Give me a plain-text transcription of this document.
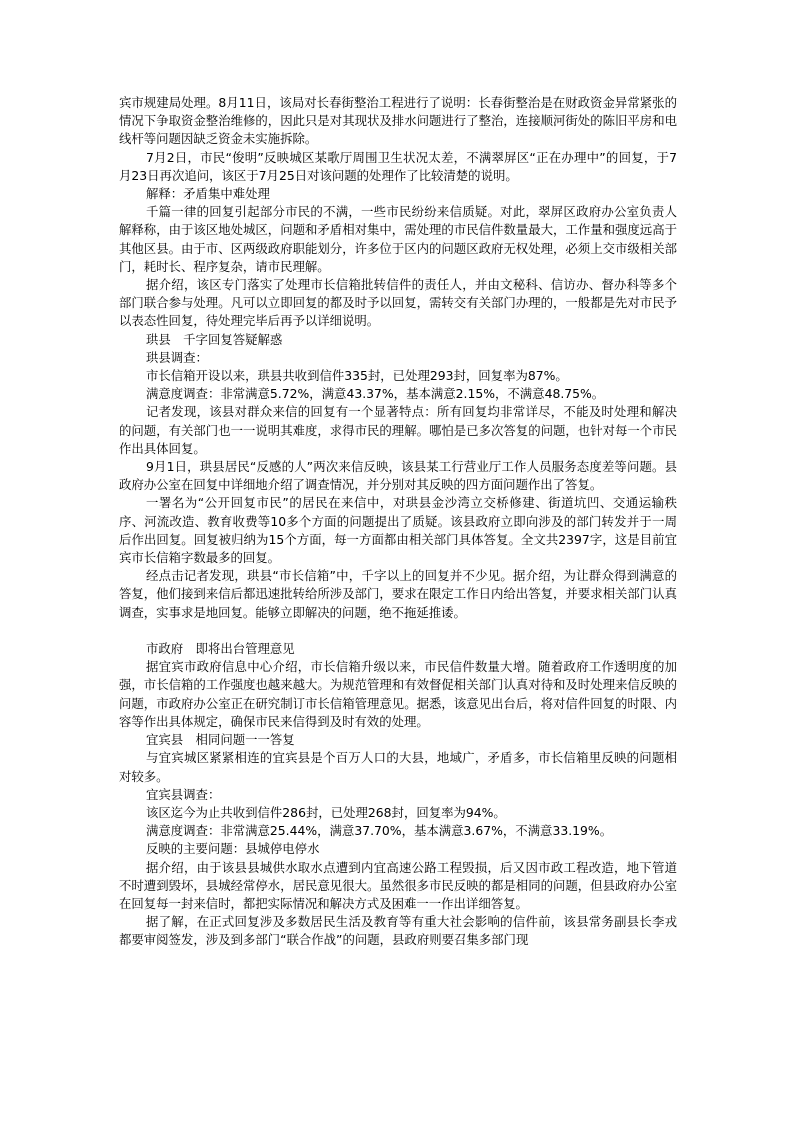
宾市规建局处理。8月11日，该局对长春街整治工程进行了说明：长春街整治是在财政资金异常紧张的情况下争取资金整治维修的，因此只是对其现状及排水问题进行了整治，连接顺河街处的陈旧平房和电线杆等问题因缺乏资金未实施拆除。

7月2日，市民“俊明”反映城区某歌厅周围卫生状况太差，不满翠屏区“正在办理中”的回复，于7月23日再次追问，该区于7月25日对该问题的处理作了比较清楚的说明。

解释：矛盾集中难处理

千篇一律的回复引起部分市民的不满，一些市民纷纷来信质疑。对此，翠屏区政府办公室负责人解释称，由于该区地处城区，问题和矛盾相对集中，需处理的市民信件数量最大，工作量和强度远高于其他区县。由于市、区两级政府职能划分，许多位于区内的问题区政府无权处理，必须上交市级相关部门，耗时长、程序复杂，请市民理解。

据介绍，该区专门落实了处理市长信箱批转信件的责任人，并由文秘科、信访办、督办科等多个部门联合参与处理。凡可以立即回复的都及时予以回复，需转交有关部门办理的，一般都是先对市民予以表态性回复，待处理完毕后再予以详细说明。

珙县　千字回复答疑解惑

珙县调查：

市长信箱开设以来，珙县共收到信件335封，已处理293封，回复率为87%。

满意度调查：非常满意5.72%，满意43.37%，基本满意2.15%，不满意48.75%。

记者发现，该县对群众来信的回复有一个显著特点：所有回复均非常详尽，不能及时处理和解决的问题，有关部门也一一说明其难度，求得市民的理解。哪怕是已多次答复的问题，也针对每一个市民作出具体回复。

9月1日，珙县居民“反感的人”两次来信反映，该县某工行营业厅工作人员服务态度差等问题。县政府办公室在回复中详细地介绍了调查情况，并分别对其反映的四方面问题作出了答复。

一署名为“公开回复市民”的居民在来信中，对珙县金沙湾立交桥修建、街道坑凹、交通运输秩序、河流改造、教育收费等10多个方面的问题提出了质疑。该县政府立即向涉及的部门转发并于一周后作出回复。回复被归纳为15个方面，每一方面都由相关部门具体答复。全文共2397字，这是目前宜宾市长信箱字数最多的回复。

经点击记者发现，珙县“市长信箱”中，千字以上的回复并不少见。据介绍，为让群众得到满意的答复，他们接到来信后都迅速批转给所涉及部门，要求在限定工作日内给出答复，并要求相关部门认真调查，实事求是地回复。能够立即解决的问题，绝不拖延推诿。

市政府　即将出台管理意见

据宜宾市政府信息中心介绍，市长信箱升级以来，市民信件数量大增。随着政府工作透明度的加强，市长信箱的工作强度也越来越大。为规范管理和有效督促相关部门认真对待和及时处理来信反映的问题，市政府办公室正在研究制订市长信箱管理意见。据悉，该意见出台后，将对信件回复的时限、内容等作出具体规定，确保市民来信得到及时有效的处理。

宜宾县　相同问题一一答复

与宜宾城区紧紧相连的宜宾县是个百万人口的大县，地域广，矛盾多，市长信箱里反映的问题相对较多。

宜宾县调查：

该区迄今为止共收到信件286封，已处理268封，回复率为94%。

满意度调查：非常满意25.44%，满意37.70%，基本满意3.67%，不满意33.19%。

反映的主要问题：县城停电停水

据介绍，由于该县县城供水取水点遭到内宜高速公路工程毁损，后又因市政工程改造，地下管道不时遭到毁坏，县城经常停水，居民意见很大。虽然很多市民反映的都是相同的问题，但县政府办公室在回复每一封来信时，都把实际情况和解决方式及困难一一作出详细答复。

据了解，在正式回复涉及多数居民生活及教育等有重大社会影响的信件前，该县常务副县长李戎都要审阅签发，涉及到多部门“联合作战”的问题，县政府则要召集多部门现
